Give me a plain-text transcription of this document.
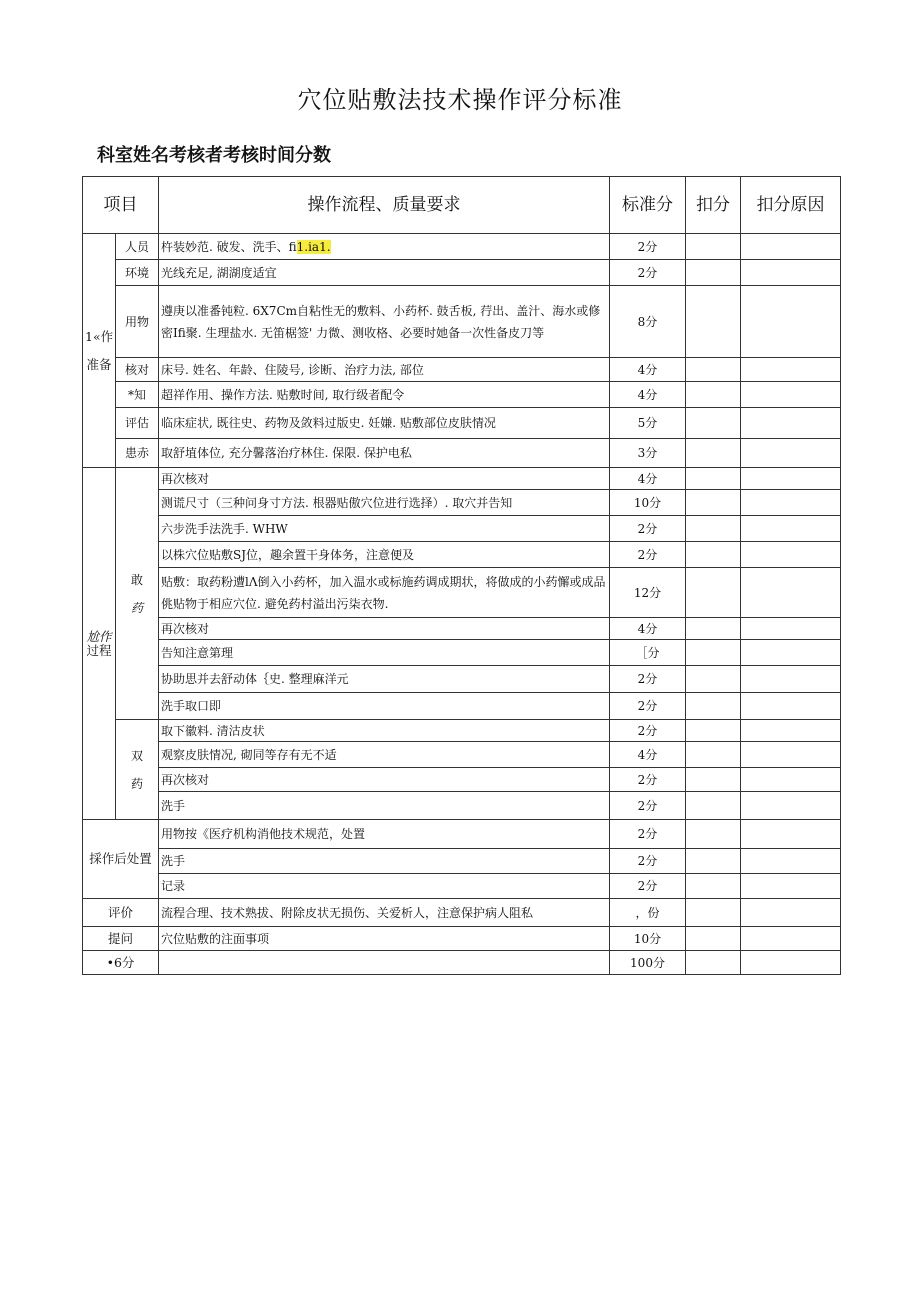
穴位贴敷法技术操作评分标准
科室姓名考核者考核时间分数
项目		操作流程、质量要求	标准分	扣分	扣分原因
1«作

准备	人员	杵装妙范. 破发、洗手、fi1.ia1.	2分		
	环境	光线充足, 湖湖度适宜	2分		
	用物	遵庚以准番钝粒. 6X7Cm自粘性无的敷料、小药杯. 鼓舌板, 荇出、盖汁、海水或修密Ifi聚. 生理盐水. 无笛椐签' 力微、测收格、必要时她备一次性备皮刀等	8分		
	核对	床号. 姓名、年龄、住陵号, 诊断、治疗力法, 部位	4分		
	*知	超祥作用、操作方法. 贴敷时间, 取行级者配令	4分		
	评估	临床症状, 既往史、药物及敛料过版史. 妊嫌. 贴敷部位皮肤情况	5分		
	患赤	取舒埴体位, 充分馨落治疗林住. 保限. 保护电私	3分		
尬作
过程	敢

药	再次核对	4分		
		测谎尺寸（三种问身寸方法. 根器贴傲穴位进行选择）. 取穴并告知	10分		
		六步洗手法洗手. WHW	2分		
		以株穴位贴敷SJ位，趣余置干身体务，注意便及	2分		
		贴敷：取药粉遭lΛ倒入小药杯，加入温水或标施药调成期状，将做成的小药懈或成品佻贴物于相应穴位. 避免药村溢出污柒衣物.	12分		
		再次核对	4分		
		告知注意第理	［分		
		协助思并去舒动体｛史. 整理麻洋元	2分		
		洗手取口即	2分		
	双

药	取下徽料. 清沽皮状	2分		
		观察皮肤情况, 砌同等存有无不适	4分		
		再次核对	2分		
		洗手	2分		
採作后处置		用物按《医疗机构消他技术规范，处置	2分		
		洗手	2分		
		记录	2分		
评价		流程合理、技术熟拔、附除皮状无损伤、关爱析人，注意保护病人阻私	，份		
提问		穴位贴敷的注面事项	10分		
•6分			100分		
